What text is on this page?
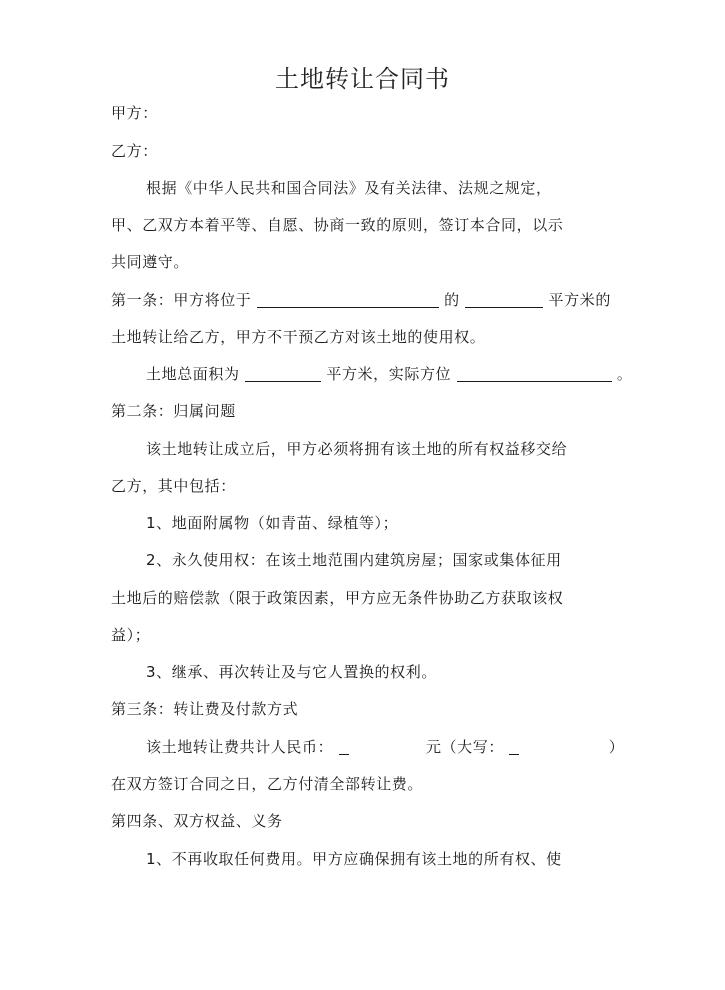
土地转让合同书
甲方：
乙方：
根据《中华人民共和国合同法》及有关法律、法规之规定，
甲、乙双方本着平等、自愿、协商一致的原则，签订本合同，以示
共同遵守。
第一条：甲方将位于	的	平方米的
土地转让给乙方，甲方不干预乙方对该土地的使用权。
土地总面积为	平方米，实际方位	。
第二条：归属问题
该土地转让成立后，甲方必须将拥有该土地的所有权益移交给
乙方，其中包括：
1、地面附属物（如青苗、绿植等）；
2、永久使用权：在该土地范围内建筑房屋；国家或集体征用
土地后的赔偿款（限于政策因素，甲方应无条件协助乙方获取该权
益）；
3、继承、再次转让及与它人置换的权利。
第三条：转让费及付款方式
该土地转让费共计人民币：	元（大写：	）
在双方签订合同之日，乙方付清全部转让费。
第四条、双方权益、义务
1、不再收取任何费用。甲方应确保拥有该土地的所有权、使
